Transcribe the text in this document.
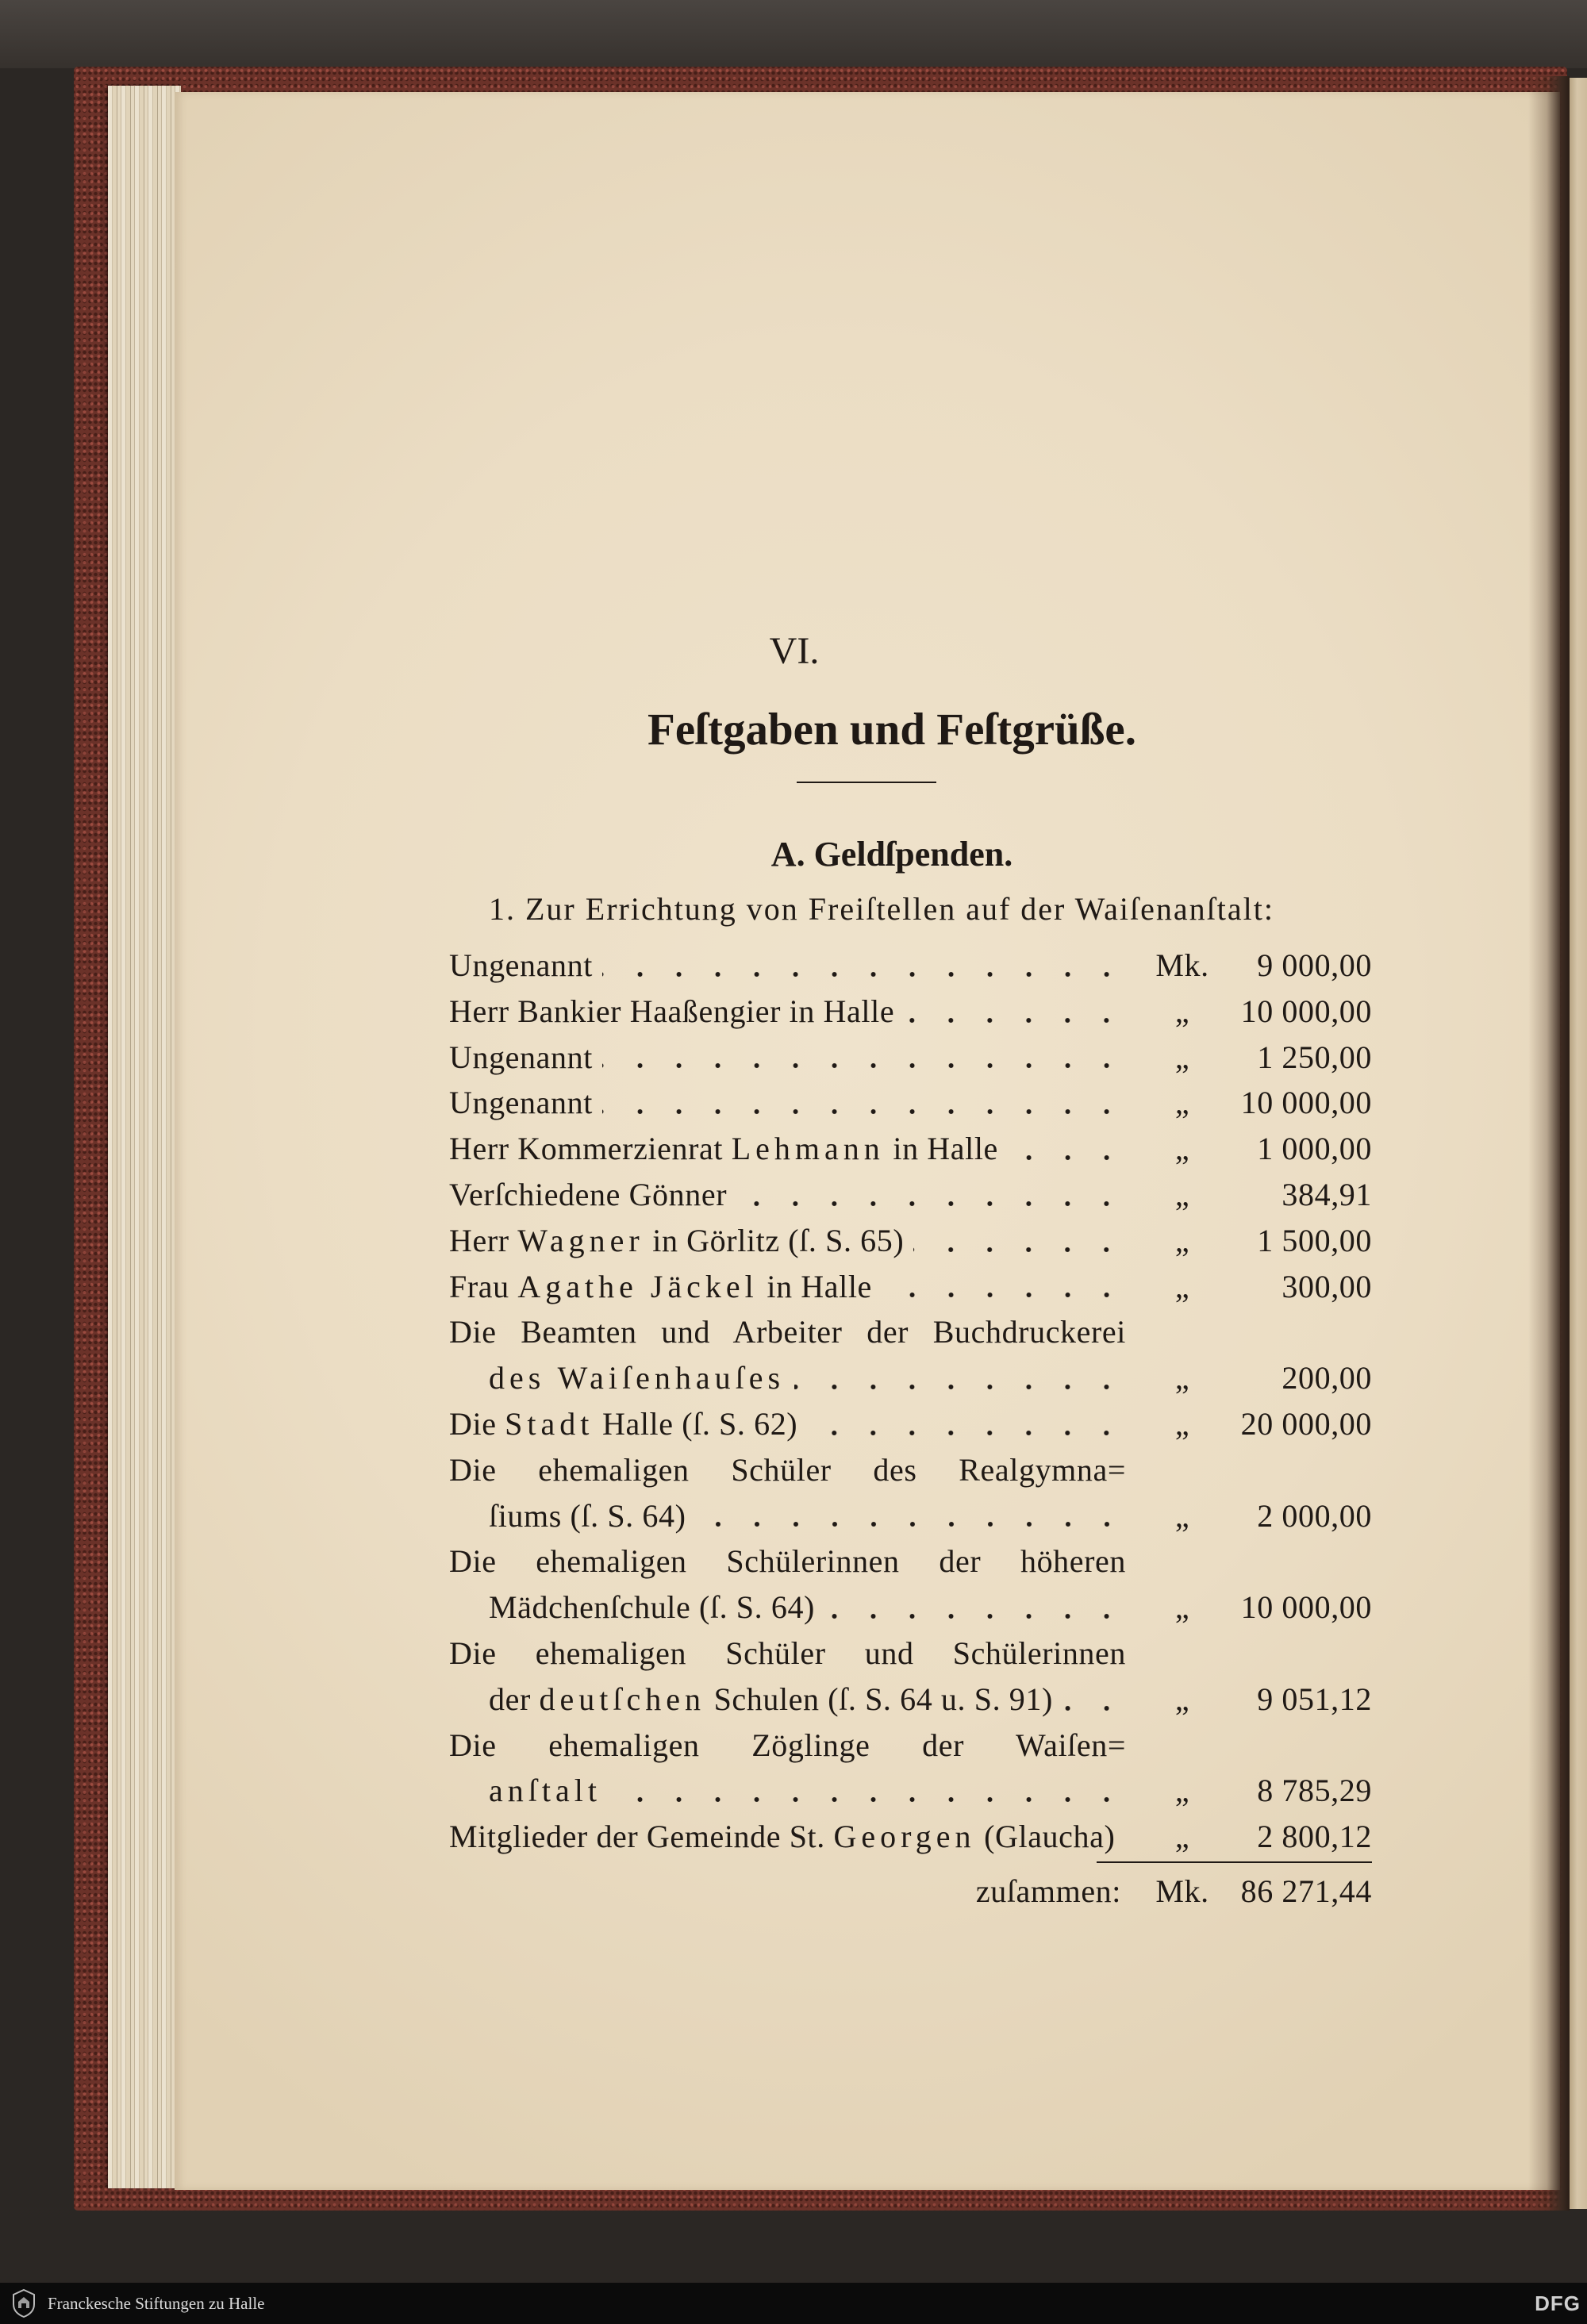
VI.
Feſtgaben und Feſtgrüße.
A. Geldſpenden.
1. Zur Errichtung von Freiſtellen auf der Waiſenanſtalt:
Ungenannt	Mk.	9 000,00
Herr Bankier Haaßengier in Halle	„	10 000,00
Ungenannt	„	1 250,00
Ungenannt	„	10 000,00
Herr Kommerzienrat Lehmann in Halle	„	1 000,00
Verſchiedene Gönner	„	384,91
Herr Wagner in Görlitz (ſ. S. 65)	„	1 500,00
Frau Agathe Jäckel in Halle	„	300,00
Die Beamten und Arbeiter der Buchdruckerei
des Waiſenhauſes	„	200,00
Die Stadt Halle (ſ. S. 62)	„	20 000,00
Die ehemaligen Schüler des Realgymna=
ſiums (ſ. S. 64)	„	2 000,00
Die ehemaligen Schülerinnen der höheren
Mädchenſchule (ſ. S. 64)	„	10 000,00
Die ehemaligen Schüler und Schülerinnen
der deutſchen Schulen (ſ. S. 64 u. S. 91)	„	9 051,12
Die ehemaligen Zöglinge der Waiſen=
anſtalt	„	8 785,29
Mitglieder der Gemeinde St. Georgen (Glaucha)	„	2 800,12
zuſammen:	Mk. 86 271,44
Franckesche Stiftungen zu Halle	DFG
